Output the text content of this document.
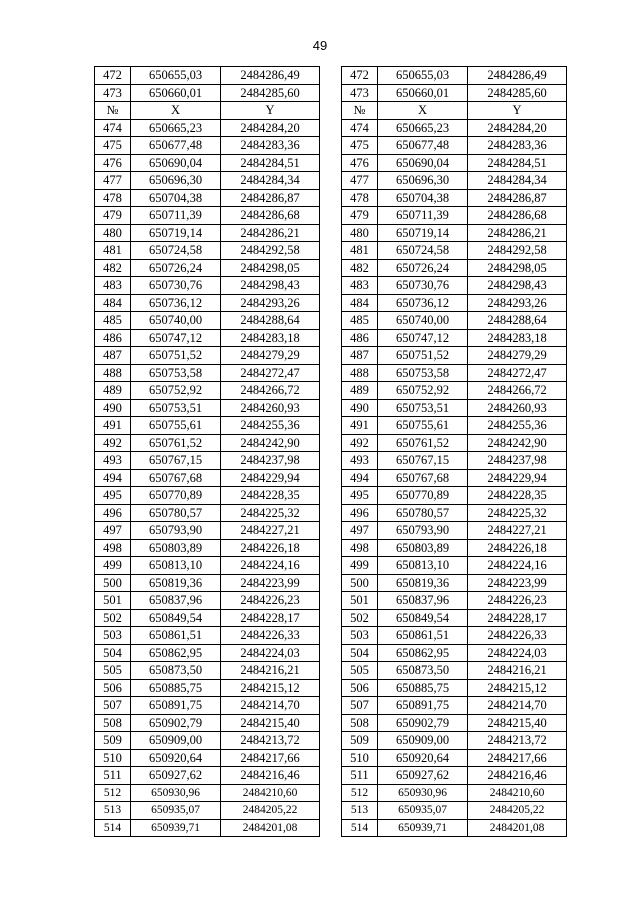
49
472	650655,03	2484286,49		472	650655,03	2484286,49
473	650660,01	2484285,60		473	650660,01	2484285,60
№	X	Y		№	X	Y
474	650665,23	2484284,20		474	650665,23	2484284,20
475	650677,48	2484283,36		475	650677,48	2484283,36
476	650690,04	2484284,51		476	650690,04	2484284,51
477	650696,30	2484284,34		477	650696,30	2484284,34
478	650704,38	2484286,87		478	650704,38	2484286,87
479	650711,39	2484286,68		479	650711,39	2484286,68
480	650719,14	2484286,21		480	650719,14	2484286,21
481	650724,58	2484292,58		481	650724,58	2484292,58
482	650726,24	2484298,05		482	650726,24	2484298,05
483	650730,76	2484298,43		483	650730,76	2484298,43
484	650736,12	2484293,26		484	650736,12	2484293,26
485	650740,00	2484288,64		485	650740,00	2484288,64
486	650747,12	2484283,18		486	650747,12	2484283,18
487	650751,52	2484279,29		487	650751,52	2484279,29
488	650753,58	2484272,47		488	650753,58	2484272,47
489	650752,92	2484266,72		489	650752,92	2484266,72
490	650753,51	2484260,93		490	650753,51	2484260,93
491	650755,61	2484255,36		491	650755,61	2484255,36
492	650761,52	2484242,90		492	650761,52	2484242,90
493	650767,15	2484237,98		493	650767,15	2484237,98
494	650767,68	2484229,94		494	650767,68	2484229,94
495	650770,89	2484228,35		495	650770,89	2484228,35
496	650780,57	2484225,32		496	650780,57	2484225,32
497	650793,90	2484227,21		497	650793,90	2484227,21
498	650803,89	2484226,18		498	650803,89	2484226,18
499	650813,10	2484224,16		499	650813,10	2484224,16
500	650819,36	2484223,99		500	650819,36	2484223,99
501	650837,96	2484226,23		501	650837,96	2484226,23
502	650849,54	2484228,17		502	650849,54	2484228,17
503	650861,51	2484226,33		503	650861,51	2484226,33
504	650862,95	2484224,03		504	650862,95	2484224,03
505	650873,50	2484216,21		505	650873,50	2484216,21
506	650885,75	2484215,12		506	650885,75	2484215,12
507	650891,75	2484214,70		507	650891,75	2484214,70
508	650902,79	2484215,40		508	650902,79	2484215,40
509	650909,00	2484213,72		509	650909,00	2484213,72
510	650920,64	2484217,66		510	650920,64	2484217,66
511	650927,62	2484216,46		511	650927,62	2484216,46
512	650930,96	2484210,60		512	650930,96	2484210,60
513	650935,07	2484205,22		513	650935,07	2484205,22
514	650939,71	2484201,08		514	650939,71	2484201,08
